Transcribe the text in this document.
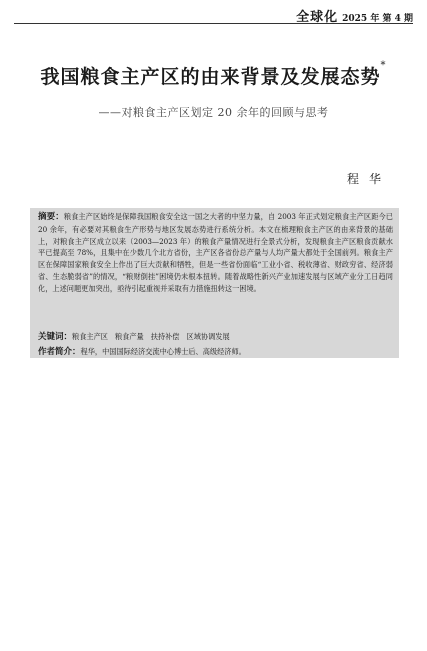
全球化 2025 年 第 4 期
我国粮食主产区的由来背景及发展态势*
——对粮食主产区划定 20 余年的回顾与思考
程华
摘要：粮食主产区始终是保障我国粮食安全这一国之大者的中坚力量，自 2003 年正式划定粮食主产区距今已 20 余年，有必要对其粮食生产形势与地区发展态势进行系统分析。本文在梳理粮食主产区的由来背景的基础上，对粮食主产区成立以来（2003—2023 年）的粮食产量情况进行全景式分析，发现粮食主产区粮食贡献水平已提高至 78%，且集中在少数几个北方省份，主产区各省份总产量与人均产量大都处于全国前列。粮食主产区在保障国家粮食安全上作出了巨大贡献和牺牲，但是一些省份面临“工业小省、税收薄省、财政穷省、经济弱省、生态脆弱省”的情况，“粮财倒挂”困境仍未根本扭转。随着战略性新兴产业加速发展与区域产业分工日趋同化，上述问题更加突出，亟待引起重视并采取有力措施扭转这一困境。
关键词：粮食主产区 粮食产量 扶持补偿 区域协调发展
作者简介：程华，中国国际经济交流中心博士后、高级经济师。
